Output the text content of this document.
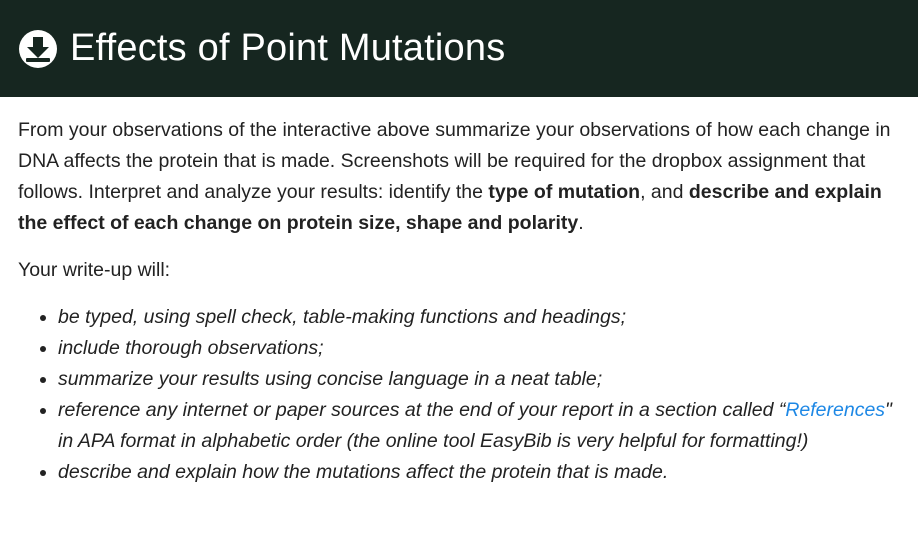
Effects of Point Mutations

From your observations of the interactive above summarize your observations of how each change in DNA affects the protein that is made. Screenshots will be required for the dropbox assignment that follows. Interpret and analyze your results: identify the type of mutation, and describe and explain the effect of each change on protein size, shape and polarity.

Your write-up will:

• be typed, using spell check, table-making functions and headings;
• include thorough observations;
• summarize your results using concise language in a neat table;
• reference any internet or paper sources at the end of your report in a section called “References" in APA format in alphabetic order (the online tool EasyBib is very helpful for formatting!)
• describe and explain how the mutations affect the protein that is made.
